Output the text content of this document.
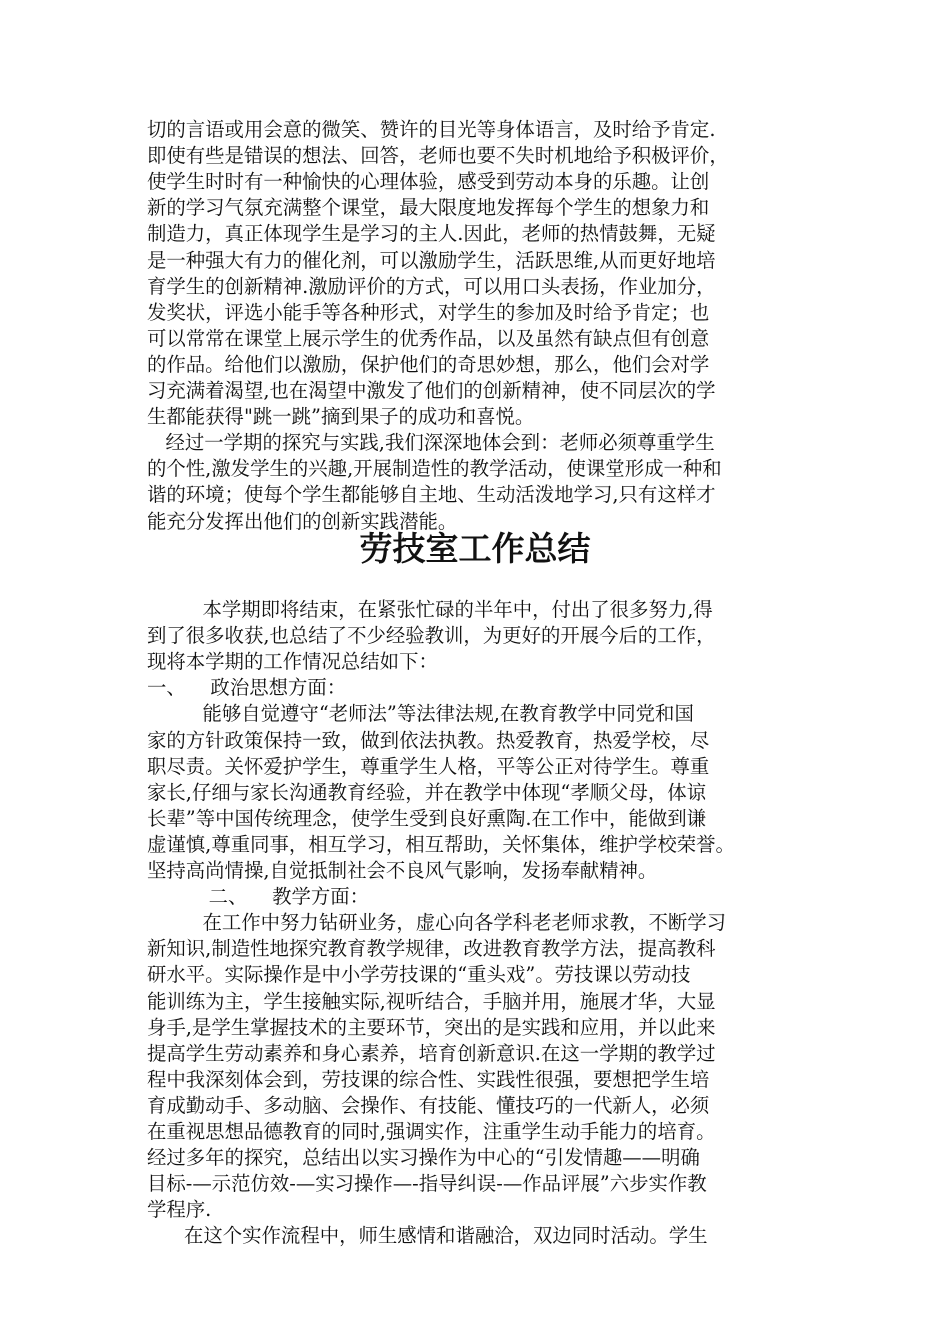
切的言语或用会意的微笑、赞许的目光等身体语言，及时给予肯定.
即使有些是错误的想法、回答，老师也要不失时机地给予积极评价，
使学生时时有一种愉快的心理体验，感受到劳动本身的乐趣。让创
新的学习气氛充满整个课堂，最大限度地发挥每个学生的想象力和
制造力，真正体现学生是学习的主人.因此，老师的热情鼓舞，无疑
是一种强大有力的催化剂，可以激励学生，活跃思维,从而更好地培
育学生的创新精神.激励评价的方式，可以用口头表扬，作业加分，
发奖状，评选小能手等各种形式，对学生的参加及时给予肯定；也
可以常常在课堂上展示学生的优秀作品，以及虽然有缺点但有创意
的作品。给他们以激励，保护他们的奇思妙想，那么，他们会对学
习充满着渴望,也在渴望中激发了他们的创新精神，使不同层次的学
生都能获得"跳一跳”摘到果子的成功和喜悦。
经过一学期的探究与实践,我们深深地体会到：老师必须尊重学生
的个性,激发学生的兴趣,开展制造性的教学活动，使课堂形成一种和
谐的环境；使每个学生都能够自主地、生动活泼地学习,只有这样才
能充分发挥出他们的创新实践潜能。
劳技室工作总结
本学期即将结束，在紧张忙碌的半年中，付出了很多努力,得
到了很多收获,也总结了不少经验教训，为更好的开展今后的工作，
现将本学期的工作情况总结如下：
一、    政治思想方面：
能够自觉遵守“老师法”等法律法规,在教育教学中同党和国
家的方针政策保持一致，做到依法执教。热爱教育，热爱学校，尽
职尽责。关怀爱护学生，尊重学生人格，平等公正对待学生。尊重
家长,仔细与家长沟通教育经验，并在教学中体现“孝顺父母，体谅
长辈”等中国传统理念，使学生受到良好熏陶.在工作中，能做到谦
虚谨慎,尊重同事，相互学习，相互帮助，关怀集体，维护学校荣誉。
坚持高尚情操,自觉抵制社会不良风气影响，发扬奉献精神。
二、    教学方面：
在工作中努力钻研业务，虚心向各学科老老师求教，不断学习
新知识,制造性地探究教育教学规律，改进教育教学方法，提高教科
研水平。实际操作是中小学劳技课的“重头戏”。劳技课以劳动技
能训练为主，学生接触实际,视听结合，手脑并用，施展才华，大显
身手,是学生掌握技术的主要环节，突出的是实践和应用，并以此来
提高学生劳动素养和身心素养，培育创新意识.在这一学期的教学过
程中我深刻体会到，劳技课的综合性、实践性很强，要想把学生培
育成勤动手、多动脑、会操作、有技能、懂技巧的一代新人，必须
在重视思想品德教育的同时,强调实作，注重学生动手能力的培育。
经过多年的探究，总结出以实习操作为中心的“引发情趣——明确
目标-—示范仿效-—实习操作—-指导纠误-—作品评展”六步实作教
学程序.
在这个实作流程中，师生感情和谐融洽，双边同时活动。学生
